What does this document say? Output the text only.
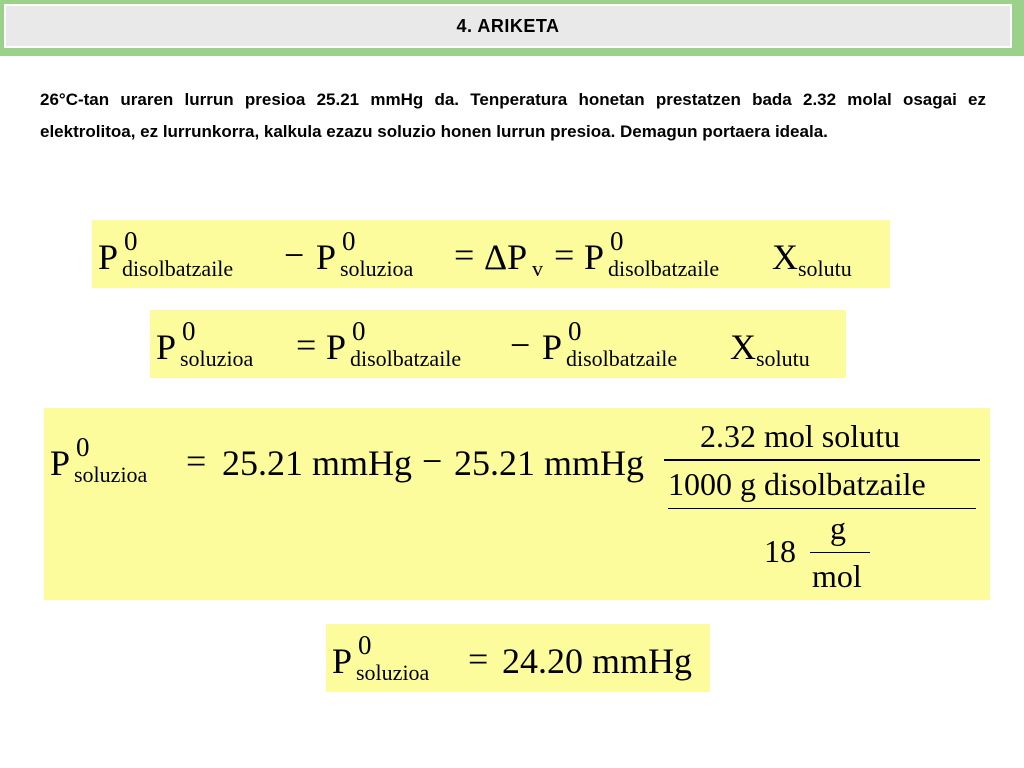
4. ARIKETA

26°C-tan uraren lurrun presioa 25.21 mmHg da. Tenperatura honetan prestatzen bada 2.32 molal osagai ez elektrolitoa, ez lurrunkorra, kalkula ezazu soluzio honen lurrun presioa. Demagun portaera ideala.

P 0
disolbatzaile − P 0
soluzioa = ΔP v = P 0
disolbatzaile X solutu
P 0
soluzioa = P 0
disolbatzaile − P 0
disolbatzaile X solutu
P 0
soluzioa = 25.21 mmHg − 25.21 mmHg
2.32 mol solutu
1000 g disolbatzaile
18
g
mol
P 0
soluzioa = 24.20 mmHg
